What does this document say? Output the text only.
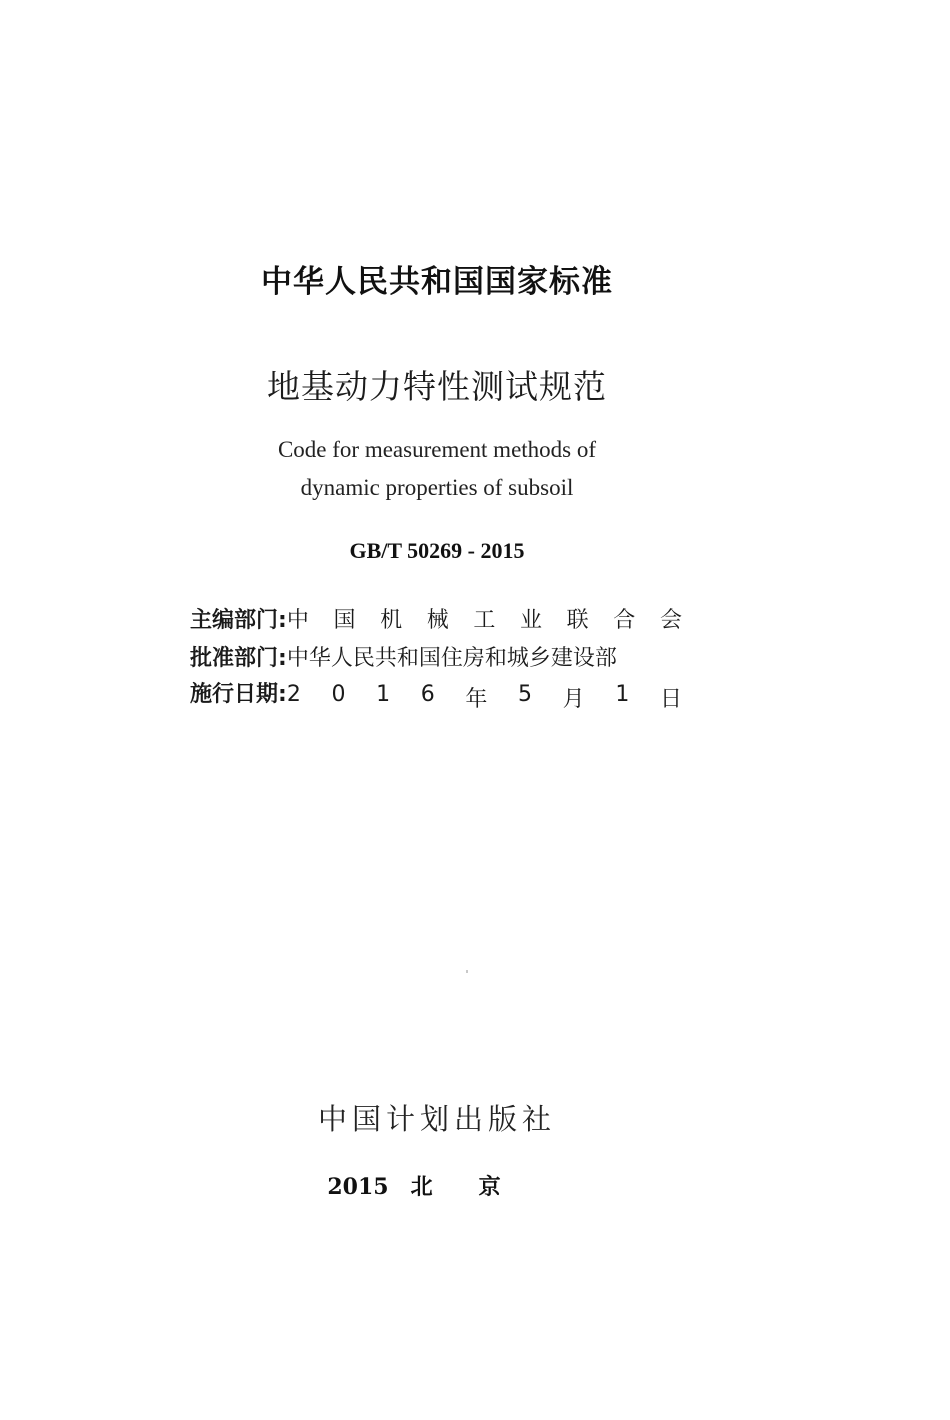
中华人民共和国国家标准
地基动力特性测试规范
Code for measurement methods of
dynamic properties of subsoil
GB/T 50269 - 2015
主编部门: 中 国 机 械 工 业 联 合 会
批准部门: 中华人民共和国住房和城乡建设部
施行日期: 2 0 1 6 年 5 月 1 日
中国计划出版社
2015 北京
